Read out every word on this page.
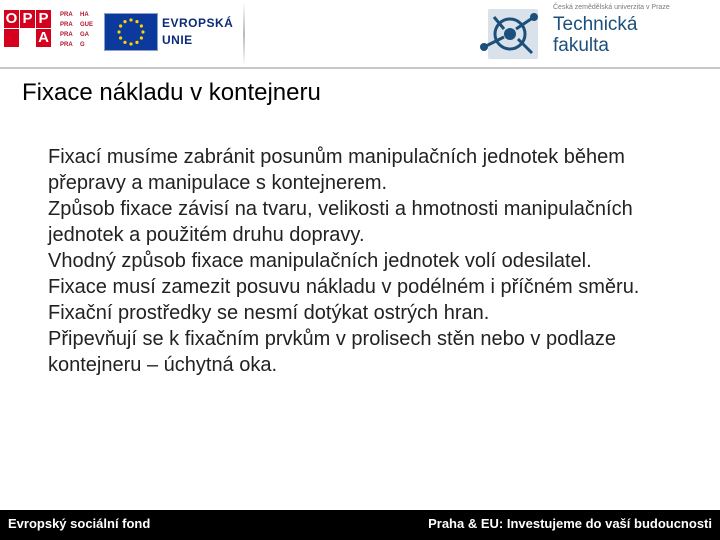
O P P
A
PRA HA
PRA GUE
PRA GA
PRA G
EVROPSKÁ
UNIE
Česká zemědělská univerzita v Praze
Technická
fakulta
Fixace nákladu v kontejneru
Fixací musíme zabránit posunům manipulačních jednotek během přepravy a manipulace s kontejnerem.
Způsob fixace závisí na tvaru, velikosti a hmotnosti manipulačních jednotek a použitém druhu dopravy.
Vhodný způsob fixace manipulačních jednotek volí odesilatel.
Fixace musí zamezit posuvu nákladu v podélném i příčném směru.
Fixační prostředky se nesmí dotýkat ostrých hran.
Připevňují se k fixačním prvkům v prolisech stěn nebo v podlaze kontejneru – úchytná oka.
Evropský sociální fond	Praha & EU: Investujeme do vaší budoucnosti
